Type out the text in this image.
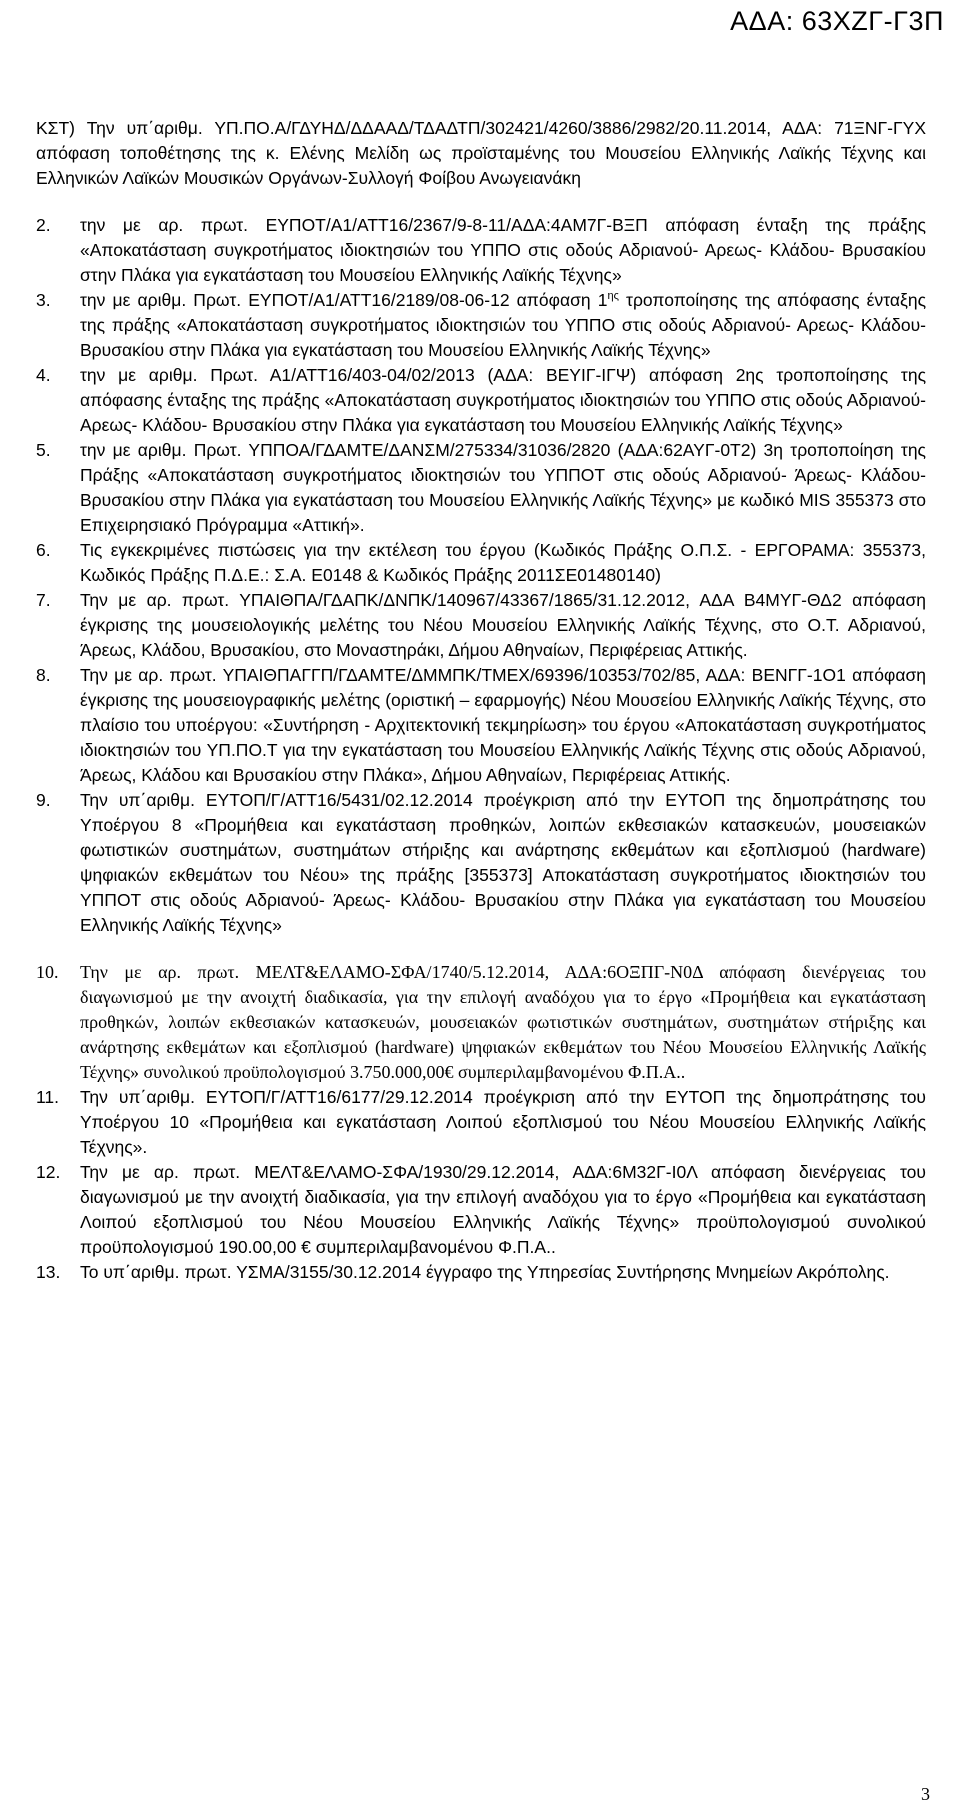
ΑΔΑ: 63ΧΖΓ-Γ3Π

ΚΣΤ) Την υπ΄αριθμ. ΥΠ.ΠΟ.Α/ΓΔΥΗΔ/ΔΔΑΑΔ/ΤΔΑΔΤΠ/302421/4260/3886/2982/20.11.2014, ΑΔΑ: 71ΞΝΓ-ΓΥΧ απόφαση τοποθέτησης της κ. Ελένης Μελίδη ως προϊσταμένης του Μουσείου Ελληνικής Λαϊκής Τέχνης και Ελληνικών Λαϊκών Μουσικών Οργάνων-Συλλογή Φοίβου Ανωγειανάκη

2.	την με αρ. πρωτ. ΕΥΠΟΤ/Α1/ΑΤΤ16/2367/9-8-11/ΑΔΑ:4ΑΜ7Γ-ΒΞΠ απόφαση ένταξη της πράξης «Αποκατάσταση συγκροτήματος ιδιοκτησιών του ΥΠΠΟ στις οδούς Αδριανού- Αρεως- Κλάδου- Βρυσακίου στην Πλάκα για εγκατάσταση του Μουσείου Ελληνικής Λαϊκής Τέχνης»
3.	την με αριθμ. Πρωτ. ΕΥΠΟΤ/Α1/ΑΤΤ16/2189/08-06-12 απόφαση $1^{\eta\varsigma}$ τροποποίησης της απόφασης ένταξης της πράξης «Αποκατάσταση συγκροτήματος ιδιοκτησιών του ΥΠΠΟ στις οδούς Αδριανού- Αρεως- Κλάδου- Βρυσακίου στην Πλάκα για εγκατάσταση του Μουσείου Ελληνικής Λαϊκής Τέχνης»
4.	την με αριθμ. Πρωτ. Α1/ΑΤΤ16/403-04/02/2013 (ΑΔΑ: ΒΕΥΙΓ-ΙΓΨ) απόφαση 2ης τροποποίησης της απόφασης ένταξης της πράξης «Αποκατάσταση συγκροτήματος ιδιοκτησιών του ΥΠΠΟ στις οδούς Αδριανού- Αρεως- Κλάδου- Βρυσακίου στην Πλάκα για εγκατάσταση του Μουσείου Ελληνικής Λαϊκής Τέχνης»
5.	την με αριθμ. Πρωτ. ΥΠΠΟΑ/ΓΔΑΜΤΕ/ΔΑΝΣΜ/275334/31036/2820 (ΑΔΑ:62ΑΥΓ-0Τ2) 3η τροποποίηση της Πράξης «Αποκατάσταση συγκροτήματος ιδιοκτησιών του ΥΠΠΟΤ στις οδούς Αδριανού- Άρεως- Κλάδου- Βρυσακίου στην Πλάκα για εγκατάσταση του Μουσείου Ελληνικής Λαϊκής Τέχνης» με κωδικό MIS 355373 στο Επιχειρησιακό Πρόγραμμα «Αττική».
6.	Τις εγκεκριμένες πιστώσεις για την εκτέλεση του έργου (Κωδικός Πράξης Ο.Π.Σ. - ΕΡΓΟΡΑΜΑ: 355373, Κωδικός Πράξης Π.Δ.Ε.: Σ.Α. Ε0148 & Κωδικός Πράξης 2011ΣΕ01480140)
7.	Την με αρ. πρωτ. ΥΠΑΙΘΠΑ/ΓΔΑΠΚ/ΔΝΠΚ/140967/43367/1865/31.12.2012, ΑΔΑ Β4ΜΥΓ-ΘΔ2 απόφαση έγκρισης της μουσειολογικής μελέτης του Νέου Μουσείου Ελληνικής Λαϊκής Τέχνης, στο Ο.Τ. Αδριανού, Άρεως, Κλάδου, Βρυσακίου, στο Μοναστηράκι, Δήμου Αθηναίων, Περιφέρειας Αττικής.
8.	Την με αρ. πρωτ. ΥΠΑΙΘΠΑΓΓΠ/ΓΔΑΜΤΕ/ΔΜΜΠΚ/ΤΜΕΧ/69396/10353/702/85, ΑΔΑ: ΒΕΝΓΓ-1Ο1 απόφαση έγκρισης της μουσειογραφικής μελέτης (οριστική – εφαρμογής) Νέου Μουσείου Ελληνικής Λαϊκής Τέχνης, στο πλαίσιο του υποέργου: «Συντήρηση - Αρχιτεκτονική τεκμηρίωση» του έργου «Αποκατάσταση συγκροτήματος ιδιοκτησιών του ΥΠ.ΠΟ.Τ για την εγκατάσταση του Μουσείου Ελληνικής Λαϊκής Τέχνης στις οδούς Αδριανού, Άρεως, Κλάδου και Βρυσακίου στην Πλάκα», Δήμου Αθηναίων, Περιφέρειας Αττικής.
9.	Την υπ΄αριθμ. ΕΥΤΟΠ/Γ/ΑΤΤ16/5431/02.12.2014 προέγκριση από την ΕΥΤΟΠ της δημοπράτησης του Υποέργου 8 «Προμήθεια και εγκατάσταση προθηκών, λοιπών εκθεσιακών κατασκευών, μουσειακών φωτιστικών συστημάτων, συστημάτων στήριξης και ανάρτησης εκθεμάτων και εξοπλισμού (hardware) ψηφιακών εκθεμάτων του Νέου» της πράξης [355373] Αποκατάσταση συγκροτήματος ιδιοκτησιών του ΥΠΠΟΤ στις οδούς Αδριανού- Άρεως- Κλάδου- Βρυσακίου στην Πλάκα για εγκατάσταση του Μουσείου Ελληνικής Λαϊκής Τέχνης»
10.	Την με αρ. πρωτ. ΜΕΛΤ&ΕΛΑΜΟ-ΣΦΑ/1740/5.12.2014, ΑΔΑ:6ΟΞΠΓ-Ν0Δ απόφαση διενέργειας του διαγωνισμού με την ανοιχτή διαδικασία, για την επιλογή αναδόχου για το έργο «Προμήθεια και εγκατάσταση προθηκών, λοιπών εκθεσιακών κατασκευών, μουσειακών φωτιστικών συστημάτων, συστημάτων στήριξης και ανάρτησης εκθεμάτων και εξοπλισμού (hardware) ψηφιακών εκθεμάτων του Νέου Μουσείου Ελληνικής Λαϊκής Τέχνης» συνολικού προϋπολογισμού 3.750.000,00€ συμπεριλαμβανομένου Φ.Π.Α..
11.	Την υπ΄αριθμ. ΕΥΤΟΠ/Γ/ΑΤΤ16/6177/29.12.2014 προέγκριση από την ΕΥΤΟΠ της δημοπράτησης του Υποέργου 10 «Προμήθεια και εγκατάσταση Λοιπού εξοπλισμού του Νέου Μουσείου Ελληνικής Λαϊκής Τέχνης».
12.	Την με αρ. πρωτ. ΜΕΛΤ&ΕΛΑΜΟ-ΣΦΑ/1930/29.12.2014, ΑΔΑ:6Μ32Γ-Ι0Λ απόφαση διενέργειας του διαγωνισμού με την ανοιχτή διαδικασία, για την επιλογή αναδόχου για το έργο «Προμήθεια και εγκατάσταση Λοιπού εξοπλισμού του Νέου Μουσείου Ελληνικής Λαϊκής Τέχνης» προϋπολογισμού συνολικού προϋπολογισμού 190.00,00 € συμπεριλαμβανομένου Φ.Π.Α..
13.	Το υπ΄αριθμ. πρωτ. ΥΣΜΑ/3155/30.12.2014 έγγραφο της Υπηρεσίας Συντήρησης Μνημείων Ακρόπολης.
3
